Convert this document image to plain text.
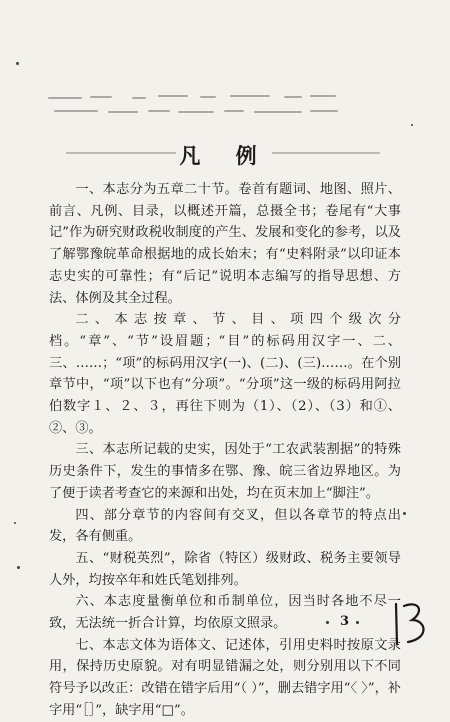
凡 例

一、本志分为五章二十节。卷首有题词、地图、照片、前言、凡例、目录，以概述开篇，总摄全书；卷尾有“大事记”作为研究财政税收制度的产生、发展和变化的参考，以及了解鄂豫皖革命根据地的成长始末；有“史料附录”以印证本志史实的可靠性；有“后记”说明本志编写的指导思想、方法、体例及其全过程。

二、本志按章、节、目、项四个级次分档。“章”、“节”设眉题；“目”的标码用汉字一、二、三、……；“项”的标码用汉字(一)、(二)、(三)……。在个别章节中，“项”以下也有“分项”。“分项”这一级的标码用阿拉伯数字１、２、３，再往下则为（1）、（2）、（3）和①、②、③。

三、本志所记载的史实，因处于“工农武装割据”的特殊历史条件下，发生的事情多在鄂、豫、皖三省边界地区。为了便于读者考查它的来源和出处，均在页末加上“脚注”。

四、部分章节的内容间有交叉，但以各章节的特点出发，各有侧重。

五、“财税英烈”，除省（特区）级财政、税务主要领导人外，均按卒年和姓氏笔划排列。

六、本志度量衡单位和币制单位，因当时各地不尽一致，无法统一折合计算，均依原文照录。

七、本志文体为语体文、记述体，引用史料时按原文录用，保持历史原貌。对有明显错漏之处，则分别用以下不同符号予以改正：改错在错字后用“（ ）”，删去错字用“〈 〉”，补字用“［］”，缺字用“□”。

3
